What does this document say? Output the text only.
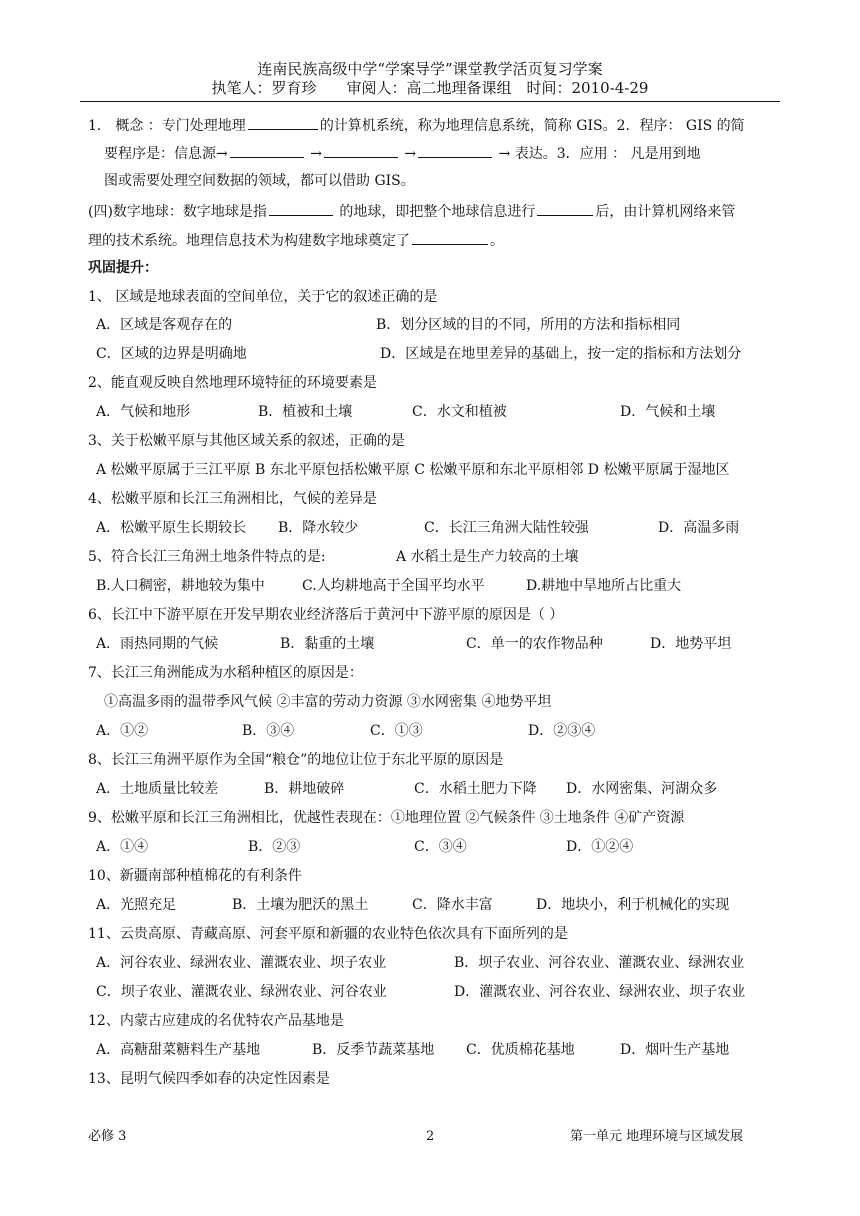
连南民族高级中学“学案导学”课堂教学活页复习学案
执笔人：罗育珍　　审阅人：高二地理备课组　时间：2010-4-29
1． 概念 ：专门处理地理	的计算机系统，称为地理信息系统，简称 GIS。2．程序： GIS 的简
要程序是：信息源→	→	→	→ 表达。3．应用 ： 凡是用到地
图或需要处理空间数据的领域，都可以借助 GIS。
(四)数字地球：数字地球是指	的地球，即把整个地球信息进行	后，由计算机网络来管
理的技术系统。地理信息技术为构建数字地球奠定了	。
巩固提升：
1、 区域是地球表面的空间单位，关于它的叙述正确的是
A．区域是客观存在的	B．划分区域的目的不同，所用的方法和指标相同
C．区域的边界是明确地	D．区域是在地里差异的基础上，按一定的指标和方法划分
2、能直观反映自然地理环境特征的环境要素是
A．气候和地形	B．植被和土壤	C．水文和植被	D．气候和土壤
3、关于松嫩平原与其他区域关系的叙述，正确的是
A 松嫩平原属于三江平原 B 东北平原包括松嫩平原 C 松嫩平原和东北平原相邻 D 松嫩平原属于湿地区
4、松嫩平原和长江三角洲相比，气候的差异是
A．松嫩平原生长期较长 B．降水较少	C．长江三角洲大陆性较强	D．高温多雨
5、符合长江三角洲土地条件特点的是:	A 水稻土是生产力较高的土壤
B.人口稠密，耕地较为集中	C.人均耕地高于全国平均水平	D.耕地中旱地所占比重大
6、长江中下游平原在开发早期农业经济落后于黄河中下游平原的原因是（ ）
A．雨热同期的气候	B．黏重的土壤	C．单一的农作物品种	D．地势平坦
7、长江三角洲能成为水稻种植区的原因是：
①高温多雨的温带季风气候 ②丰富的劳动力资源 ③水网密集 ④地势平坦
A．①②	B．③④	C．①③	D．②③④
8、长江三角洲平原作为全国“粮仓”的地位让位于东北平原的原因是
A．土地质量比较差	B．耕地破碎	C．水稻土肥力下降 D．水网密集、河湖众多
9、松嫩平原和长江三角洲相比，优越性表现在：①地理位置 ②气候条件 ③土地条件 ④矿产资源
A．①④	B．②③	C．③④	D．①②④
10、新疆南部种植棉花的有利条件
A．光照充足	B．土壤为肥沃的黑土	C．降水丰富	D．地块小，利于机械化的实现
11、云贵高原、青藏高原、河套平原和新疆的农业特色依次具有下面所列的是
A．河谷农业、绿洲农业、灌溉农业、坝子农业	B．坝子农业、河谷农业、灌溉农业、绿洲农业
C．坝子农业、灌溉农业、绿洲农业、河谷农业	D．灌溉农业、河谷农业、绿洲农业、坝子农业
12、内蒙古应建成的名优特农产品基地是
A．高糖甜菜糖料生产基地	B．反季节蔬菜基地 C．优质棉花基地	D．烟叶生产基地
13、昆明气候四季如春的决定性因素是
必修 3	2	第一单元 地理环境与区域发展
